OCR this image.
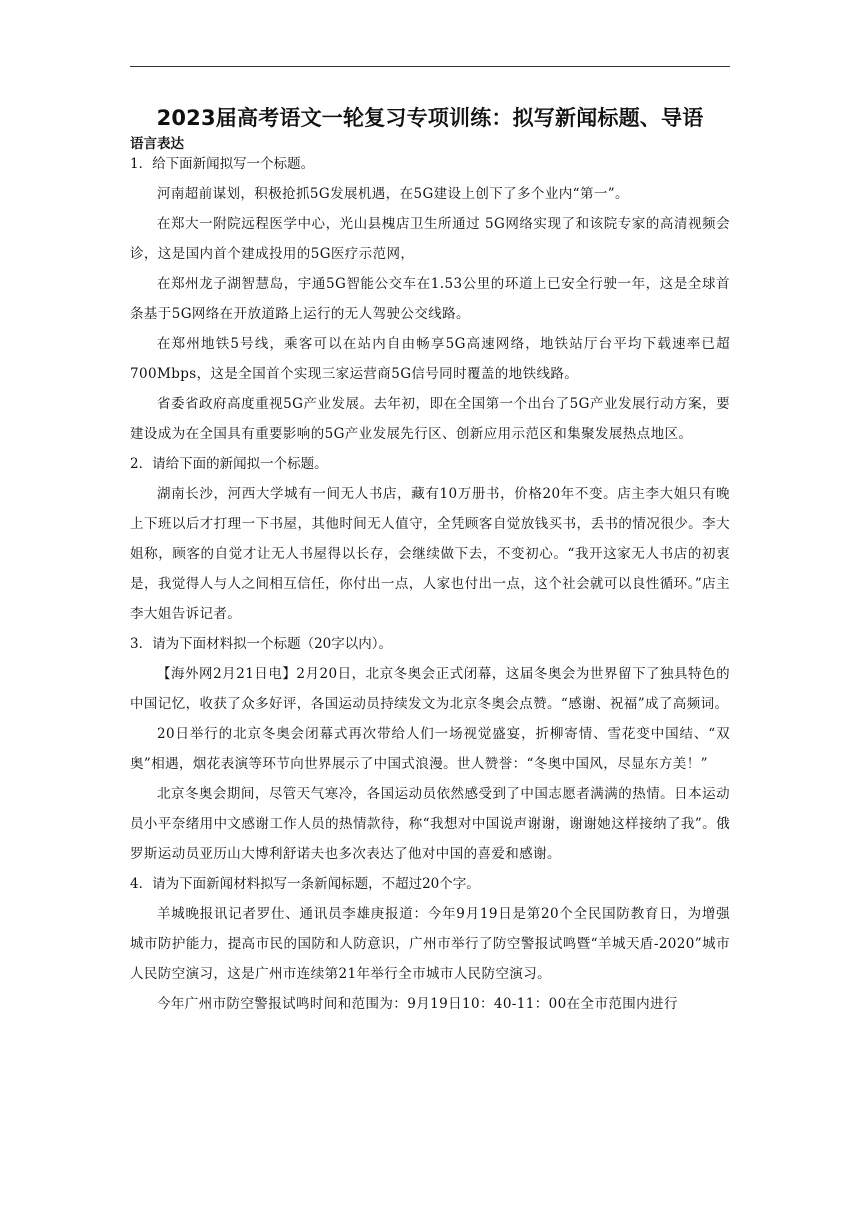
2023届高考语文一轮复习专项训练：拟写新闻标题、导语
语言表达

1．给下面新闻拟写一个标题。

河南超前谋划，积极抢抓5G发展机遇，在5G建设上创下了多个业内“第一”。

在郑大一附院远程医学中心，光山县槐店卫生所通过 5G网络实现了和该院专家的高清视频会诊，这是国内首个建成投用的5G医疗示范网，

在郑州龙子湖智慧岛，宇通5G智能公交车在1.53公里的环道上已安全行驶一年，这是全球首条基于5G网络在开放道路上运行的无人驾驶公交线路。

在郑州地铁5号线，乘客可以在站内自由畅享5G高速网络，地铁站厅台平均下载速率已超700Mbps，这是全国首个实现三家运营商5G信号同时覆盖的地铁线路。

省委省政府高度重视5G产业发展。去年初，即在全国第一个出台了5G产业发展行动方案，要建设成为在全国具有重要影响的5G产业发展先行区、创新应用示范区和集聚发展热点地区。

2．请给下面的新闻拟一个标题。

湖南长沙，河西大学城有一间无人书店，藏有10万册书，价格20年不变。店主李大姐只有晚上下班以后才打理一下书屋，其他时间无人值守，全凭顾客自觉放钱买书，丢书的情况很少。李大姐称，顾客的自觉才让无人书屋得以长存，会继续做下去，不变初心。“我开这家无人书店的初衷是，我觉得人与人之间相互信任，你付出一点，人家也付出一点，这个社会就可以良性循环。”店主李大姐告诉记者。

3．请为下面材料拟一个标题（20字以内）。

【海外网2月21日电】2月20日，北京冬奥会正式闭幕，这届冬奥会为世界留下了独具特色的中国记忆，收获了众多好评，各国运动员持续发文为北京冬奥会点赞。“感谢、祝福”成了高频词。

20日举行的北京冬奥会闭幕式再次带给人们一场视觉盛宴，折柳寄情、雪花变中国结、“双奥”相遇，烟花表演等环节向世界展示了中国式浪漫。世人赞誉：“冬奥中国风，尽显东方美！”

北京冬奥会期间，尽管天气寒冷，各国运动员依然感受到了中国志愿者满满的热情。日本运动员小平奈绪用中文感谢工作人员的热情款待，称“我想对中国说声谢谢，谢谢她这样接纳了我”。俄罗斯运动员亚历山大博利舒诺夫也多次表达了他对中国的喜爱和感谢。

4．请为下面新闻材料拟写一条新闻标题，不超过20个字。

羊城晚报讯记者罗仕、通讯员李雄庚报道：今年9月19日是第20个全民国防教育日，为增强城市防护能力，提高市民的国防和人防意识，广州市举行了防空警报试鸣暨“羊城天盾-2020”城市人民防空演习，这是广州市连续第21年举行全市城市人民防空演习。

今年广州市防空警报试鸣时间和范围为：9月19日10：40-11：00在全市范围内进行
